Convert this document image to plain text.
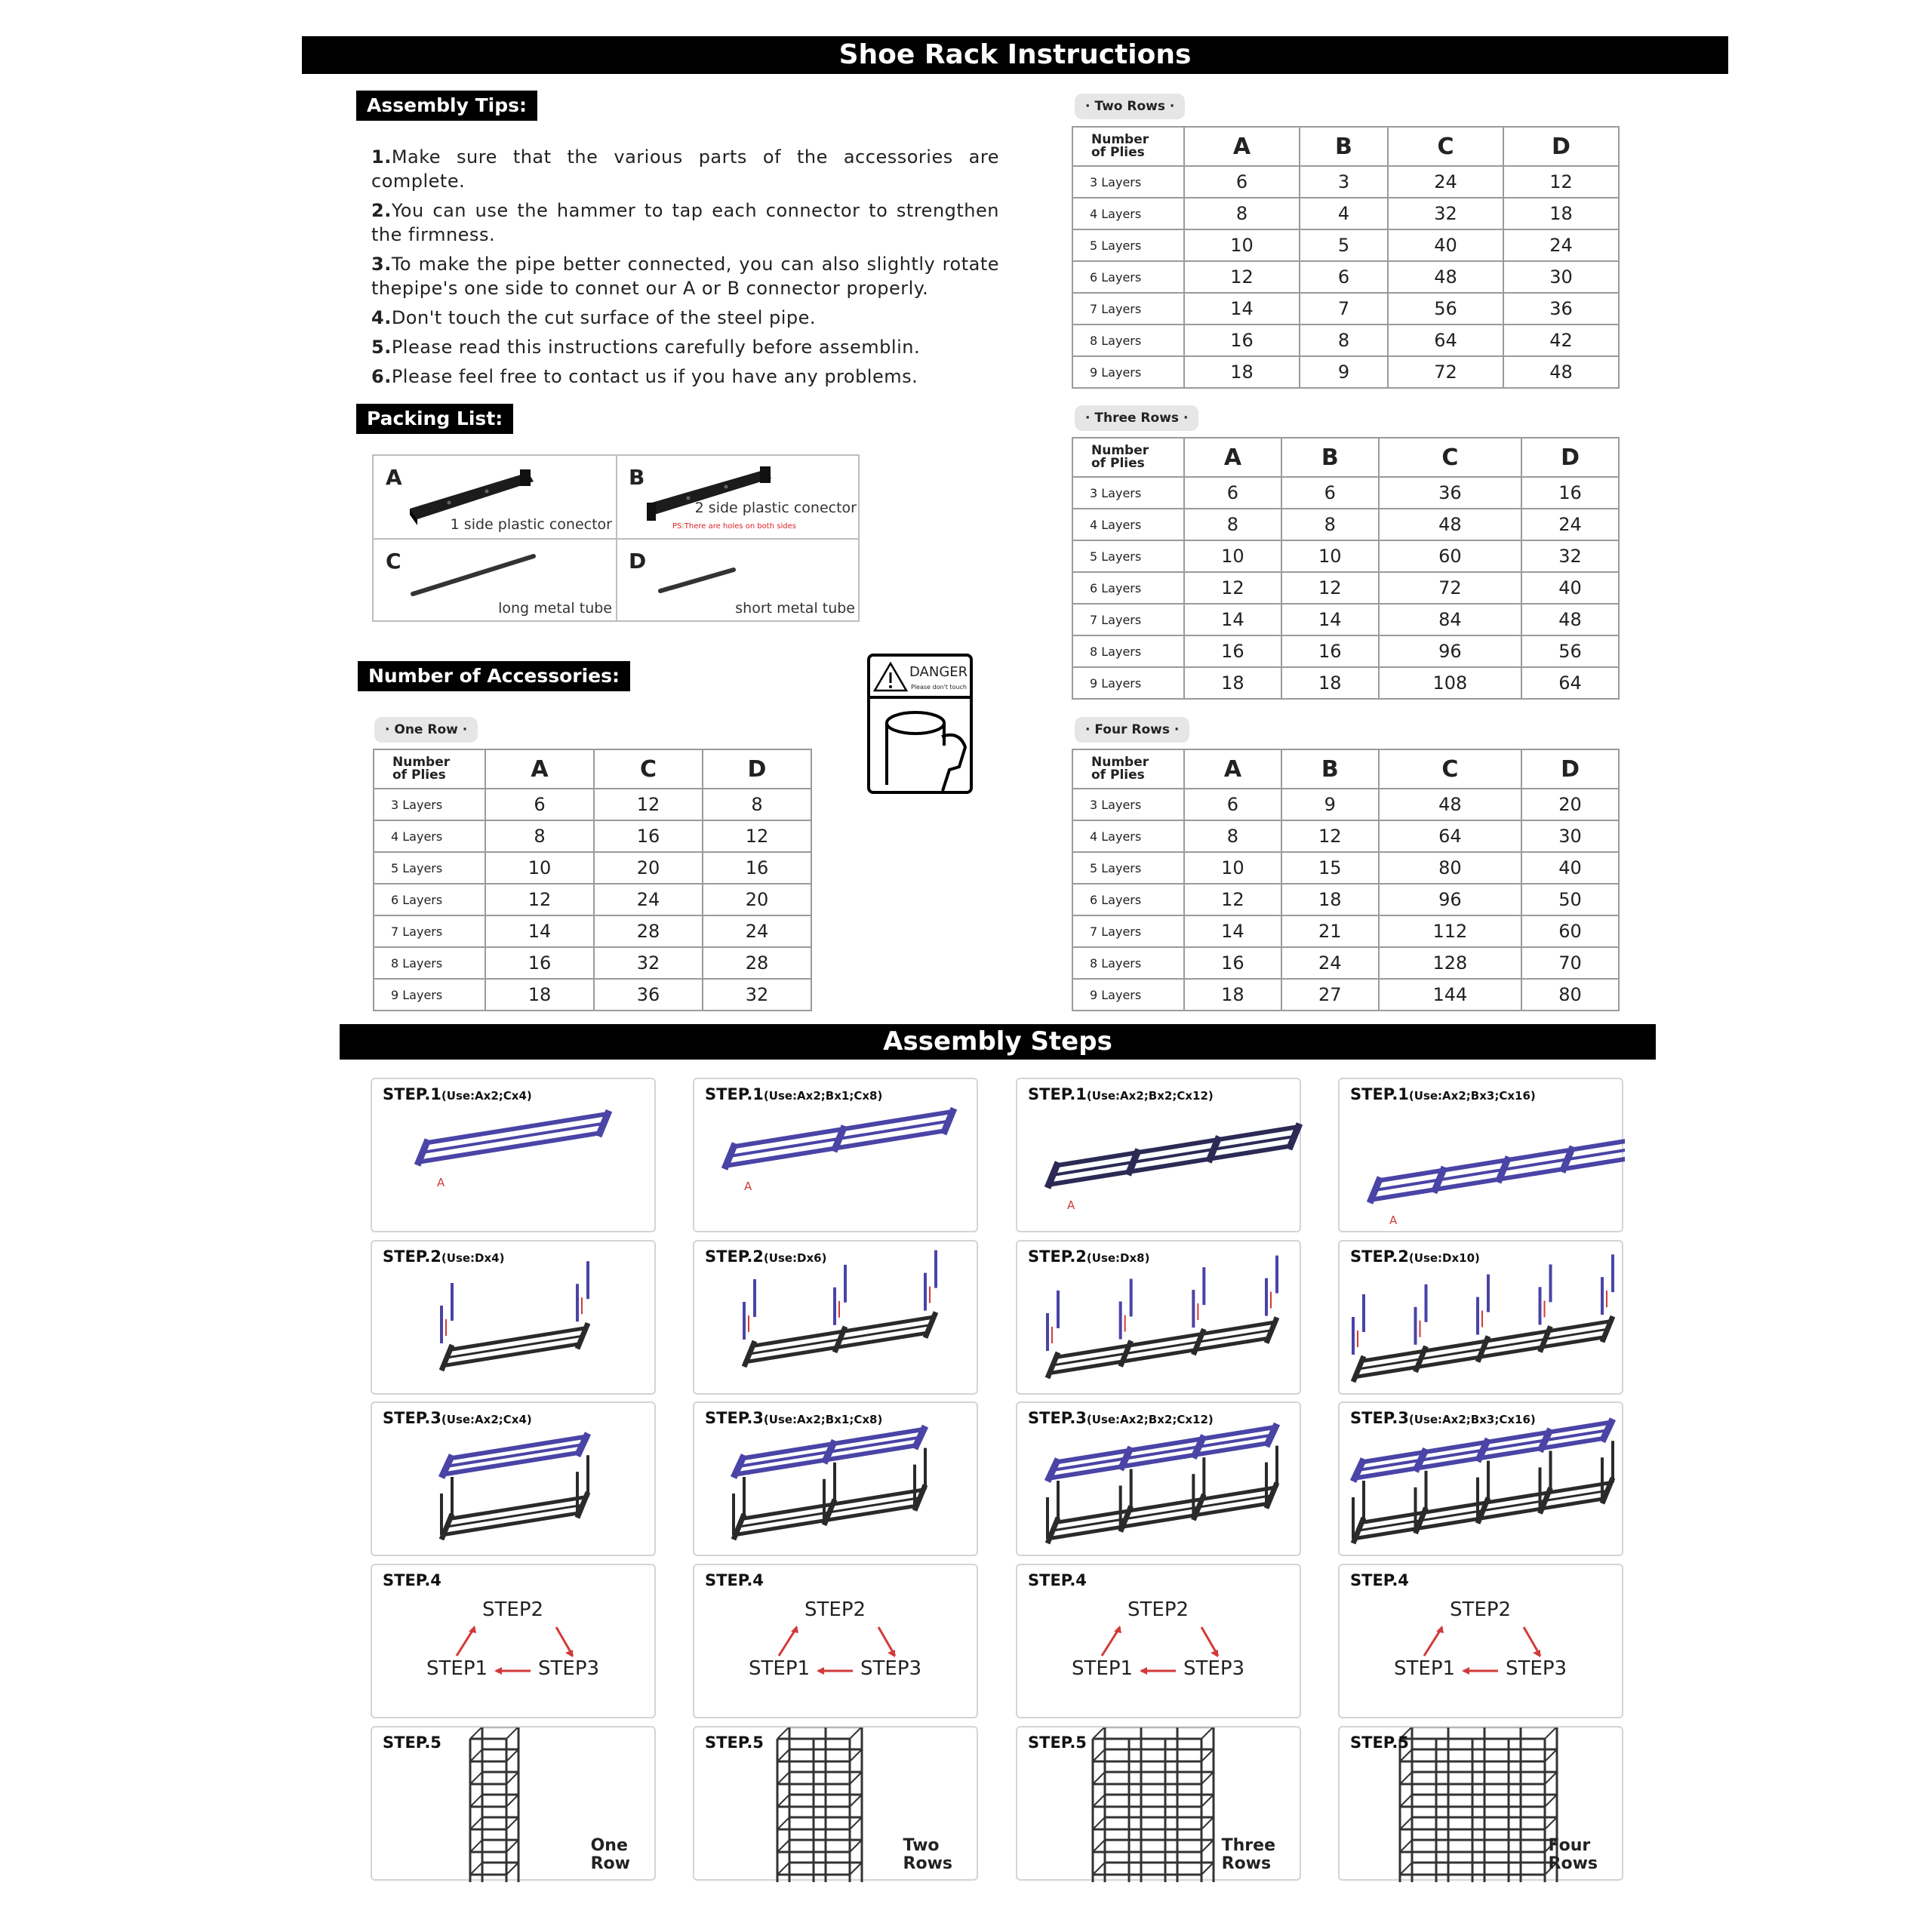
Shoe Rack Instructions
Assembly Tips:
1.Make sure that the various parts of the accessories are complete.
2.You can use the hammer to tap each connector to strengthen the firmness.
3.To make the pipe better connected, you can also slightly rotate thepipe's one side to connet our A or B connector properly.
4.Don't touch the cut surface of the steel pipe.
5.Please read this instructions carefully before assemblin.
6.Please feel free to contact us if you have any problems.
Packing List:
A
1 side plastic conector
B
2 side plastic conector
PS:There are holes on both sides
C
long metal tube
D
short metal tube
DANGER
Please don't touch
Number of Accessories:
· One Row ·
Number
of Plies	A	C	D
3 Layers	6	12	8
4 Layers	8	16	12
5 Layers	10	20	16
6 Layers	12	24	20
7 Layers	14	28	24
8 Layers	16	32	28
9 Layers	18	36	32
· Two Rows ·
Number
of Plies	A	B	C	D
3 Layers	6	3	24	12
4 Layers	8	4	32	18
5 Layers	10	5	40	24
6 Layers	12	6	48	30
7 Layers	14	7	56	36
8 Layers	16	8	64	42
9 Layers	18	9	72	48
· Three Rows ·
Number
of Plies	A	B	C	D
3 Layers	6	6	36	16
4 Layers	8	8	48	24
5 Layers	10	10	60	32
6 Layers	12	12	72	40
7 Layers	14	14	84	48
8 Layers	16	16	96	56
9 Layers	18	18	108	64
· Four Rows ·
Number
of Plies	A	B	C	D
3 Layers	6	9	48	20
4 Layers	8	12	64	30
5 Layers	10	15	80	40
6 Layers	12	18	96	50
7 Layers	14	21	112	60
8 Layers	16	24	128	70
9 Layers	18	27	144	80
Assembly Steps
A
STEP.1(Use:Ax2;Cx4)
STEP.2(Use:Dx4)
STEP.3(Use:Ax2;Cx4)
STEP.4
STEP2
STEP1	STEP3
STEP.5
One
Row
A
STEP.1(Use:Ax2;Bx1;Cx8)
STEP.2(Use:Dx6)
STEP.3(Use:Ax2;Bx1;Cx8)
STEP.4
STEP2
STEP1	STEP3
STEP.5
Two
Rows
A
STEP.1(Use:Ax2;Bx2;Cx12)
STEP.2(Use:Dx8)
STEP.3(Use:Ax2;Bx2;Cx12)
STEP.4
STEP2
STEP1	STEP3
STEP.5
Three
Rows
A
STEP.1(Use:Ax2;Bx3;Cx16)
STEP.2(Use:Dx10)
STEP.3(Use:Ax2;Bx3;Cx16)
STEP.4
STEP2
STEP1	STEP3
STEP.5
Four
Rows
